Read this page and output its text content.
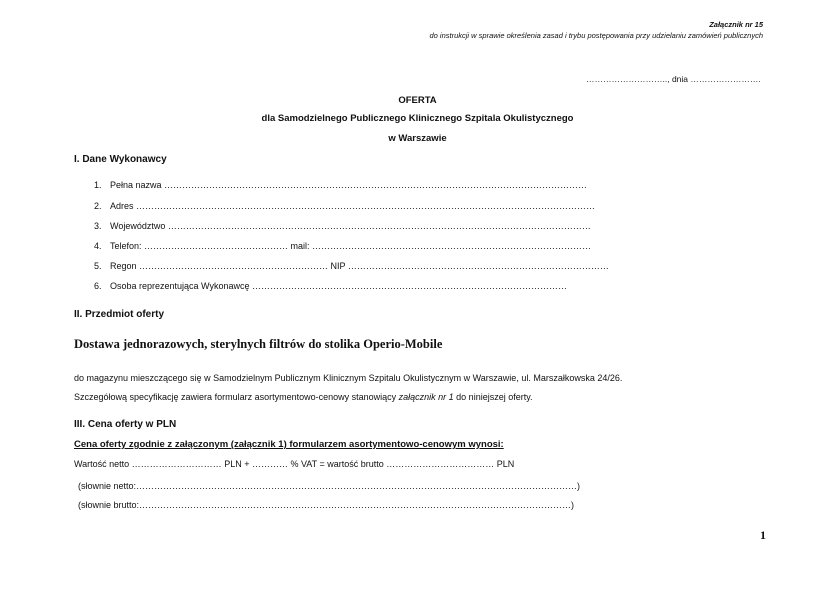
Załącznik nr 15
do instrukcji w sprawie określenia zasad i trybu postępowania przy udzielaniu zamówień publicznych
……………………….., dnia …………………….
OFERTA
dla Samodzielnego Publicznego Klinicznego Szpitala Okulistycznego
w Warszawie
I. Dane Wykonawcy
1. Pełna nazwa ……………………………………………………………………………………………………………………………
2. Adres ………………………………………………………………………………………………………………………………………
3. Województwo ……………………………………………………………………………………………………………………………
4. Telefon: ………………………………………… mail: …………………………………………………………………………………
5. Regon ……………………………………………………… NIP ……………………………………………………………………………
6. Osoba reprezentująca Wykonawcę ……………………………………………………………………………………………
II. Przedmiot oferty
Dostawa jednorazowych, sterylnych filtrów do stolika Operio-Mobile
do magazynu mieszczącego się w Samodzielnym Publicznym Klinicznym Szpitalu Okulistycznym w Warszawie, ul. Marszałkowska 24/26.
Szczegółową specyfikację zawiera formularz asortymentowo-cenowy stanowiący załącznik nr 1 do niniejszej oferty.
III. Cena oferty w PLN
Cena oferty zgodnie z załączonym (załącznik 1) formularzem asortymentowo-cenowym wynosi:
Wartość netto ………………………… PLN + ………… % VAT = wartość brutto ……………………………… PLN
(słownie netto:…………………………………………………………………………………………………………………………………)
(słownie brutto:………………………………………………………………………………………………………………………………)
1
